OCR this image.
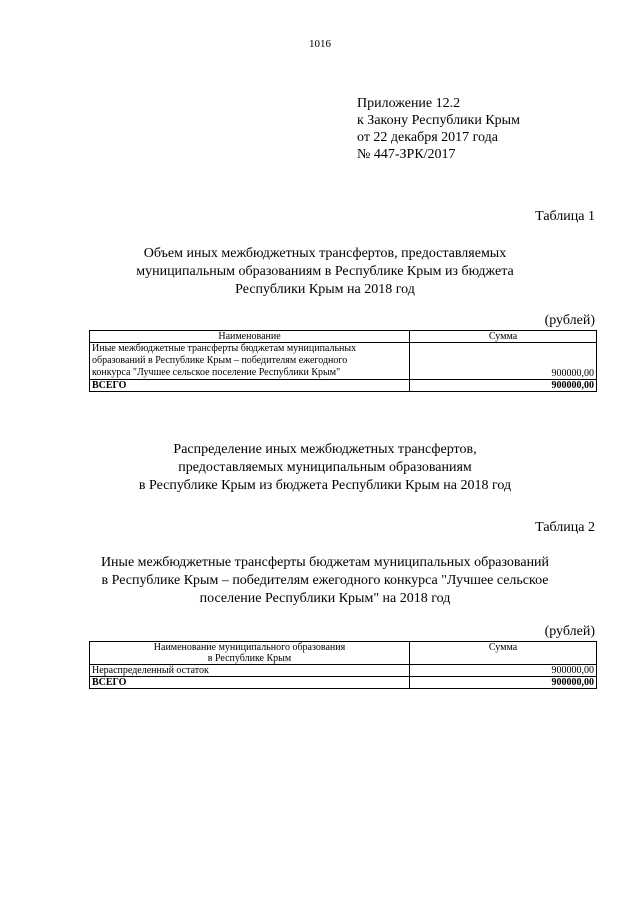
1016
Приложение 12.2
к Закону Республики Крым
от 22 декабря 2017 года
№ 447-ЗРК/2017
Таблица 1
Объем иных межбюджетных трансфертов, предоставляемых
муниципальным образованиям в Республике Крым из бюджета
Республики Крым на 2018 год
(рублей)
Наименование	Сумма

Иные межбюджетные трансферты бюджетам муниципальных
образований в Республике Крым – победителям ежегодного
конкурса "Лучшее сельское поселение Республики Крым"	900000,00
ВСЕГО	900000,00
Распределение иных межбюджетных трансфертов,
предоставляемых муниципальным образованиям
в Республике Крым из бюджета Республики Крым на 2018 год
Таблица 2
Иные межбюджетные трансферты бюджетам муниципальных образований
в Республике Крым – победителям ежегодного конкурса "Лучшее сельское
поселение Республики Крым" на 2018 год
(рублей)
Наименование муниципального образования
в Республике Крым	Сумма
Нераспределенный остаток	900000,00
ВСЕГО	900000,00
